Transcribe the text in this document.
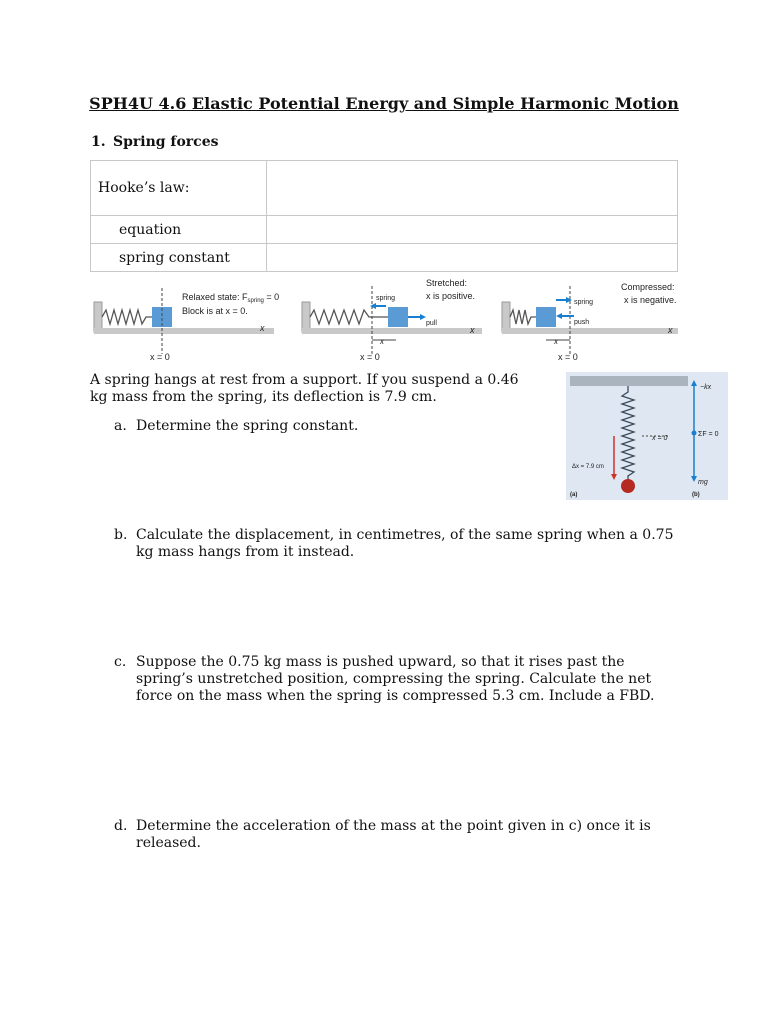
SPH4U 4.6 Elastic Potential Energy and Simple Harmonic Motion
1. Spring forces
Hooke’s law:	
equation	
spring constant	
Relaxed state: $F_{spring} = 0$
Block is at x = 0.
x
x = 0
spring
pull
Stretched:
x is positive.
x
x
x = 0
spring
push
Compressed:
x is negative.
x
x
x = 0
A spring hangs at rest from a support. If you suspend a 0.46 kg mass from the spring, its deflection is 7.9 cm.
a. Determine the spring constant.
b. Calculate the displacement, in centimetres, of the same spring when a 0.75 kg mass hangs from it instead.
c. Suppose the 0.75 kg mass is pushed upward, so that it rises past the spring’s unstretched position, compressing the spring. Calculate the net force on the mass when the spring is compressed 5.3 cm. Include a FBD.
d. Determine the acceleration of the mass at the point given in c) once it is released.
x = 0
Δx = 7.9 cm
−kx
ΣF = 0
mg
(a)	(b)
